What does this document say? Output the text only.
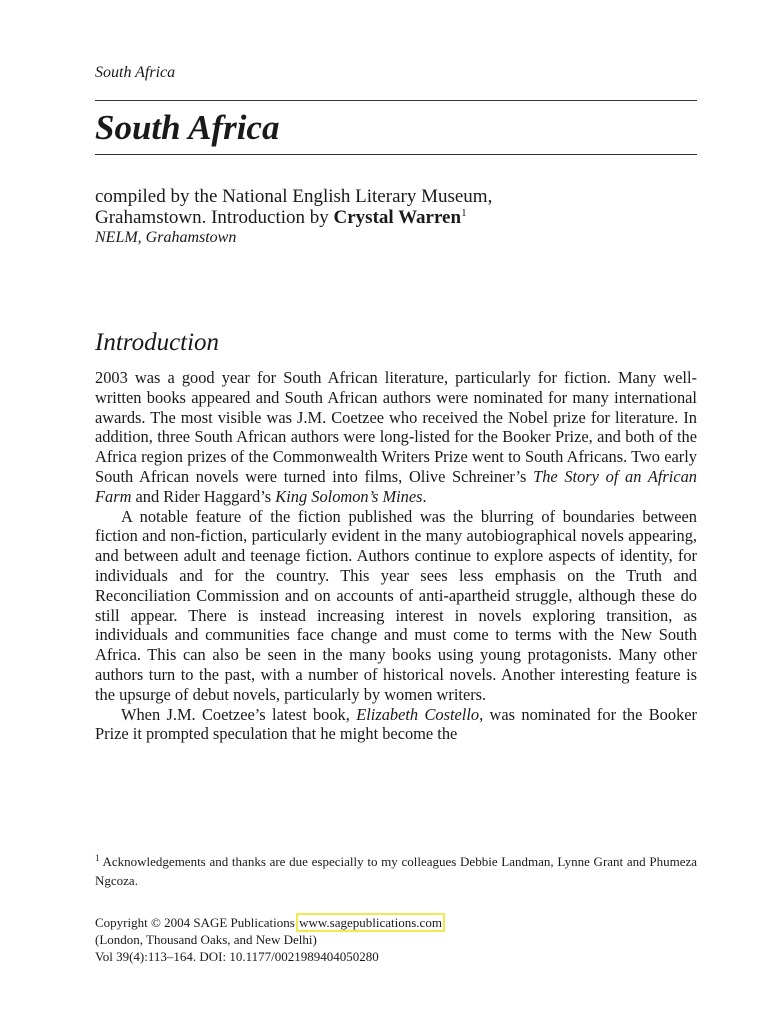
South Africa
South Africa
compiled by the National English Literary Museum,
Grahamstown. Introduction by Crystal Warren$^1$
NELM, Grahamstown
Introduction

2003 was a good year for South African literature, particularly for fiction. Many well-written books appeared and South African authors were nominated for many international awards. The most visible was J.M. Coetzee who received the Nobel prize for literature. In addition, three South African authors were long-listed for the Booker Prize, and both of the Africa region prizes of the Commonwealth Writers Prize went to South Africans. Two early South African novels were turned into films, Olive Schreiner’s The Story of an African Farm and Rider Haggard’s King Solomon’s Mines.

A notable feature of the fiction published was the blurring of boundaries between fiction and non-fiction, particularly evident in the many autobiographical novels appearing, and between adult and teenage fiction. Authors continue to explore aspects of identity, for individuals and for the country. This year sees less emphasis on the Truth and Reconciliation Commission and on accounts of anti-apartheid struggle, although these do still appear. There is instead increasing interest in novels exploring transition, as individuals and communities face change and must come to terms with the New South Africa. This can also be seen in the many books using young protagonists. Many other authors turn to the past, with a number of historical novels. Another interesting feature is the upsurge of debut novels, particularly by women writers.

When J.M. Coetzee’s latest book, Elizabeth Costello, was nominated for the Booker Prize it prompted speculation that he might become the

$^1$ Acknowledgements and thanks are due especially to my colleagues Debbie Landman, Lynne Grant and Phumeza Ngcoza.
Copyright © 2004 SAGE Publications www.sagepublications.com
(London, Thousand Oaks, and New Delhi)
Vol 39(4):113–164. DOI: 10.1177/0021989404050280
